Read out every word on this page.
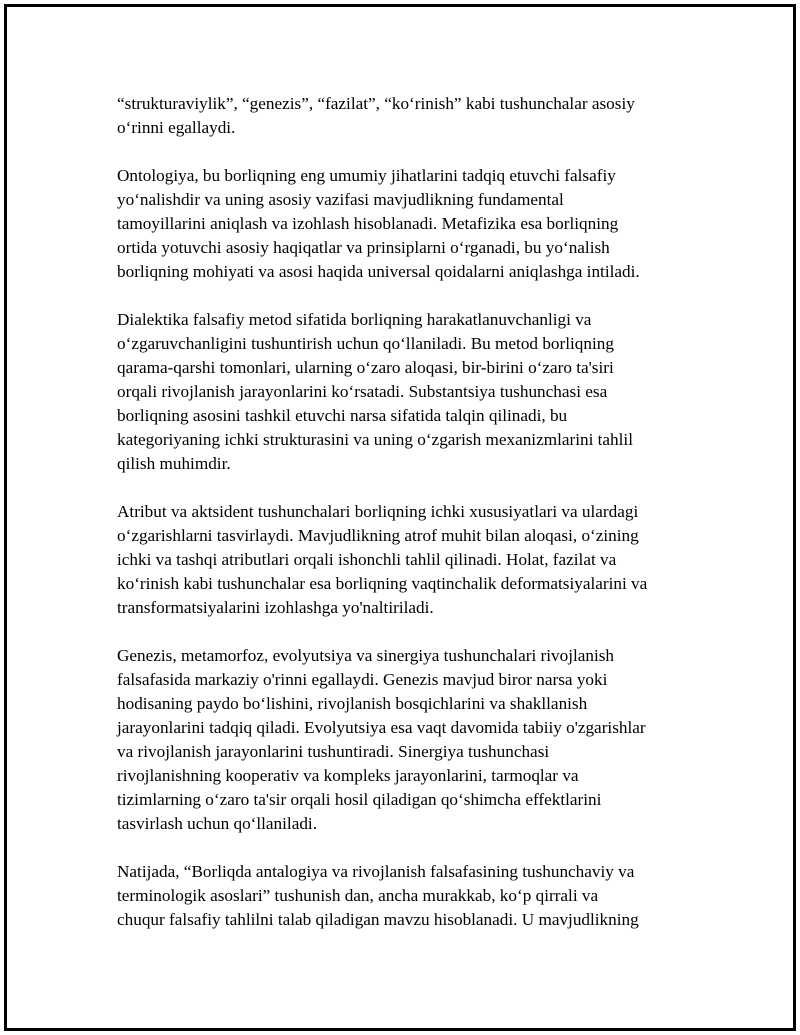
“strukturaviylik”, “genezis”, “fazilat”, “ko‘rinish” kabi tushunchalar asosiy
o‘rinni egallaydi.

Ontologiya, bu borliqning eng umumiy jihatlarini tadqiq etuvchi falsafiy
yo‘nalishdir va uning asosiy vazifasi mavjudlikning fundamental
tamoyillarini aniqlash va izohlash hisoblanadi. Metafizika esa borliqning
ortida yotuvchi asosiy haqiqatlar va prinsiplarni o‘rganadi, bu yo‘nalish
borliqning mohiyati va asosi haqida universal qoidalarni aniqlashga intiladi.

Dialektika falsafiy metod sifatida borliqning harakatlanuvchanligi va
o‘zgaruvchanligini tushuntirish uchun qo‘llaniladi. Bu metod borliqning
qarama-qarshi tomonlari, ularning o‘zaro aloqasi, bir-birini o‘zaro ta'siri
orqali rivojlanish jarayonlarini ko‘rsatadi. Substantsiya tushunchasi esa
borliqning asosini tashkil etuvchi narsa sifatida talqin qilinadi, bu
kategoriyaning ichki strukturasini va uning o‘zgarish mexanizmlarini tahlil
qilish muhimdir.

Atribut va aktsident tushunchalari borliqning ichki xususiyatlari va ulardagi
o‘zgarishlarni tasvirlaydi. Mavjudlikning atrof muhit bilan aloqasi, o‘zining
ichki va tashqi atributlari orqali ishonchli tahlil qilinadi. Holat, fazilat va
ko‘rinish kabi tushunchalar esa borliqning vaqtinchalik deformatsiyalarini va
transformatsiyalarini izohlashga yo'naltiriladi.

Genezis, metamorfoz, evolyutsiya va sinergiya tushunchalari rivojlanish
falsafasida markaziy o'rinni egallaydi. Genezis mavjud biror narsa yoki
hodisaning paydo bo‘lishini, rivojlanish bosqichlarini va shakllanish
jarayonlarini tadqiq qiladi. Evolyutsiya esa vaqt davomida tabiiy o'zgarishlar
va rivojlanish jarayonlarini tushuntiradi. Sinergiya tushunchasi
rivojlanishning kooperativ va kompleks jarayonlarini, tarmoqlar va
tizimlarning o‘zaro ta'sir orqali hosil qiladigan qo‘shimcha effektlarini
tasvirlash uchun qo‘llaniladi.

Natijada, “Borliqda antalogiya va rivojlanish falsafasining tushunchaviy va
terminologik asoslari” tushunish dan, ancha murakkab, ko‘p qirrali va
chuqur falsafiy tahlilni talab qiladigan mavzu hisoblanadi. U mavjudlikning
